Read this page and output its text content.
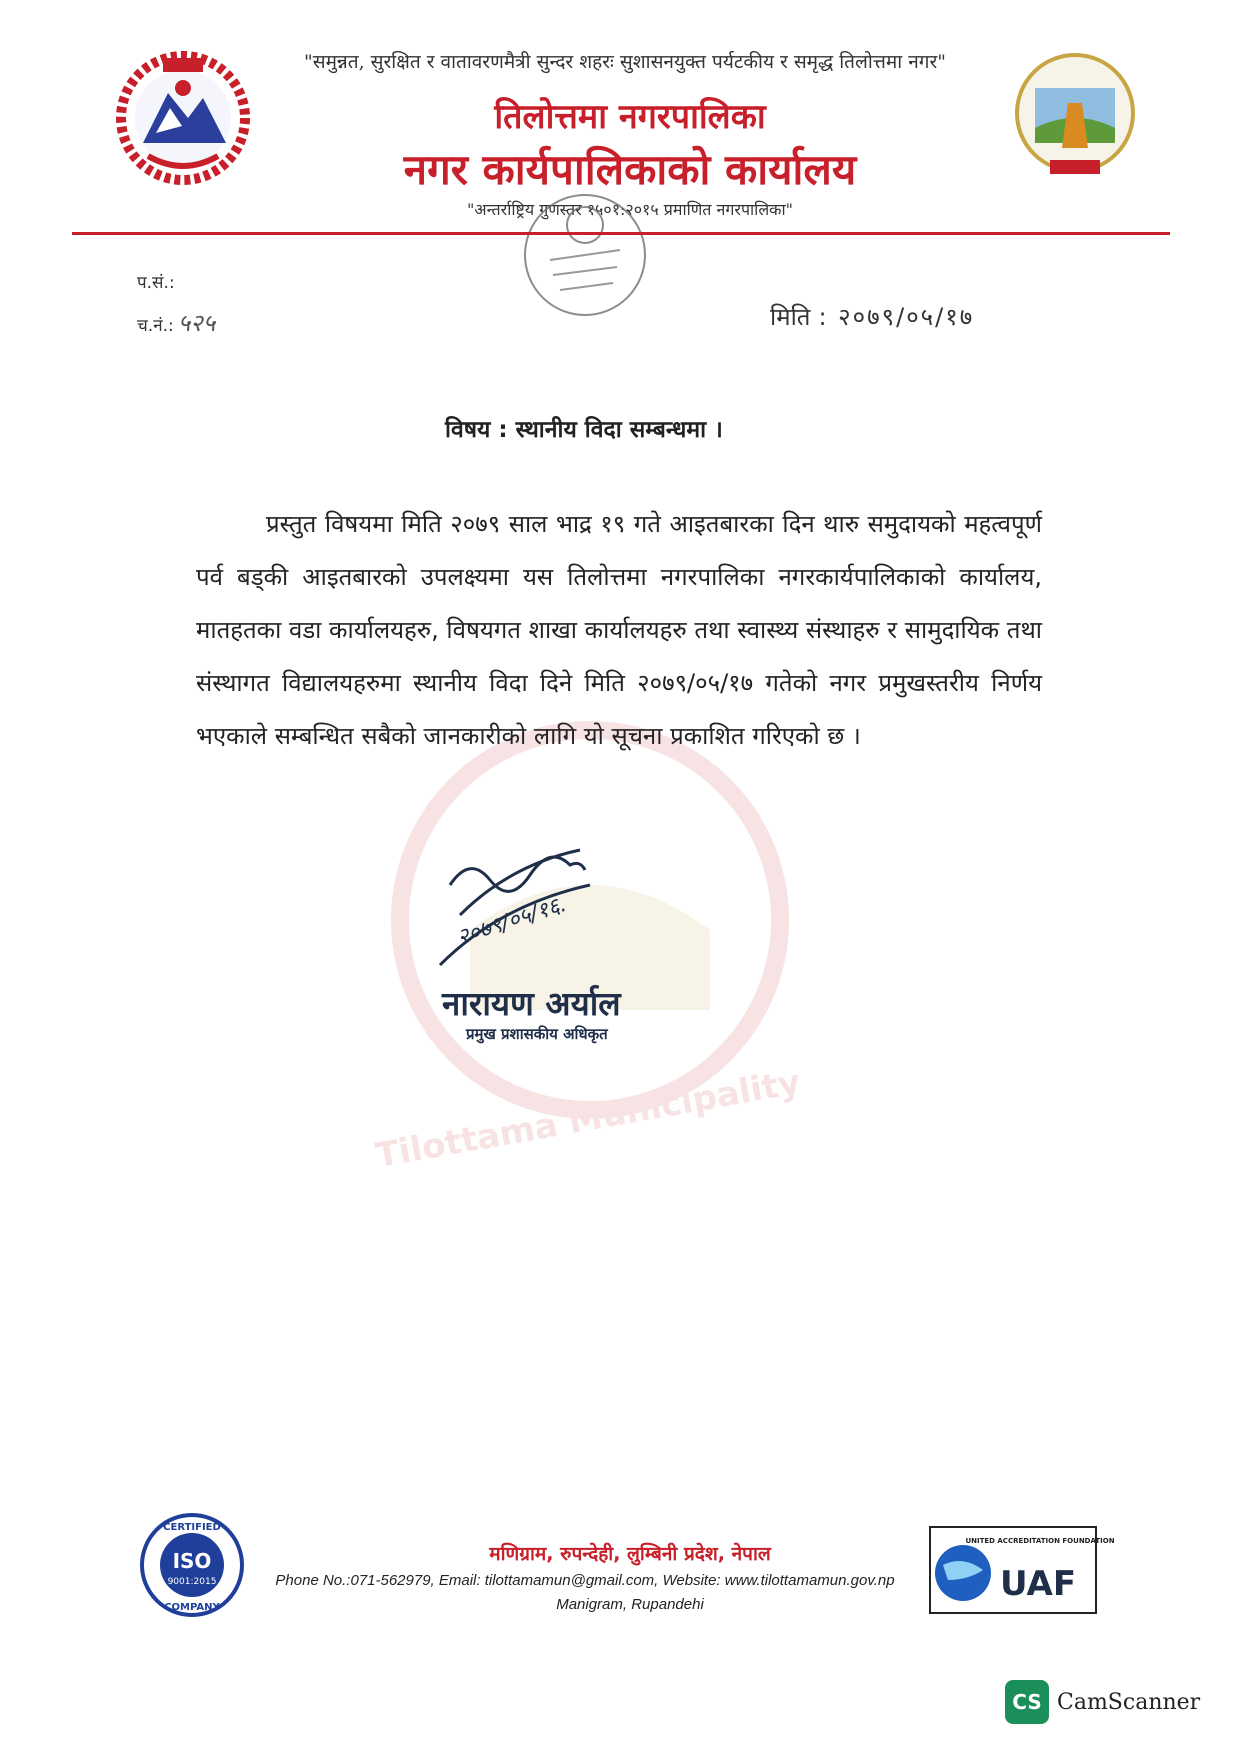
"समुन्नत, सुरक्षित र वातावरणमैत्री सुन्दर शहरः सुशासनयुक्त पर्यटकीय र समृद्ध तिलोत्तमा नगर"
तिलोत्तमा नगरपालिका
नगर कार्यपालिकाको कार्यालय
"अन्तर्राष्ट्रिय गुणस्तर १५०१:२०१५ प्रमाणित नगरपालिका"
प.सं.:
च.नं.: ५२५	मिति : २०७९/०५/१७
Tilottama Municipality
विषय : स्थानीय विदा सम्बन्धमा ।
प्रस्तुत विषयमा मिति २०७९ साल भाद्र १९ गते आइतबारका दिन थारु समुदायको महत्वपूर्ण पर्व बड्की आइतबारको उपलक्ष्यमा यस तिलोत्तमा नगरपालिका नगरकार्यपालिकाको कार्यालय, मातहतका वडा कार्यालयहरु, विषयगत शाखा कार्यालयहरु तथा स्वास्थ्य संस्थाहरु र सामुदायिक तथा संस्थागत विद्यालयहरुमा स्थानीय विदा दिने मिति २०७९/०५/१७ गतेको नगर प्रमुखस्तरीय निर्णय भएकाले सम्बन्धित सबैको जानकारीको लागि यो सूचना प्रकाशित गरिएको छ ।
२०७९/०५/१६.
नारायण अर्याल
प्रमुख प्रशासकीय अधिकृत
CERTIFIED
ISO
9001:2015
COMPANY
मणिग्राम, रुपन्देही, लुम्बिनी प्रदेश, नेपाल
Phone No.:071-562979, Email: tilottamamun@gmail.com, Website: www.tilottamamun.gov.np
Manigram, Rupandehi
UAF
UNITED ACCREDITATION FOUNDATION
CS CamScanner
